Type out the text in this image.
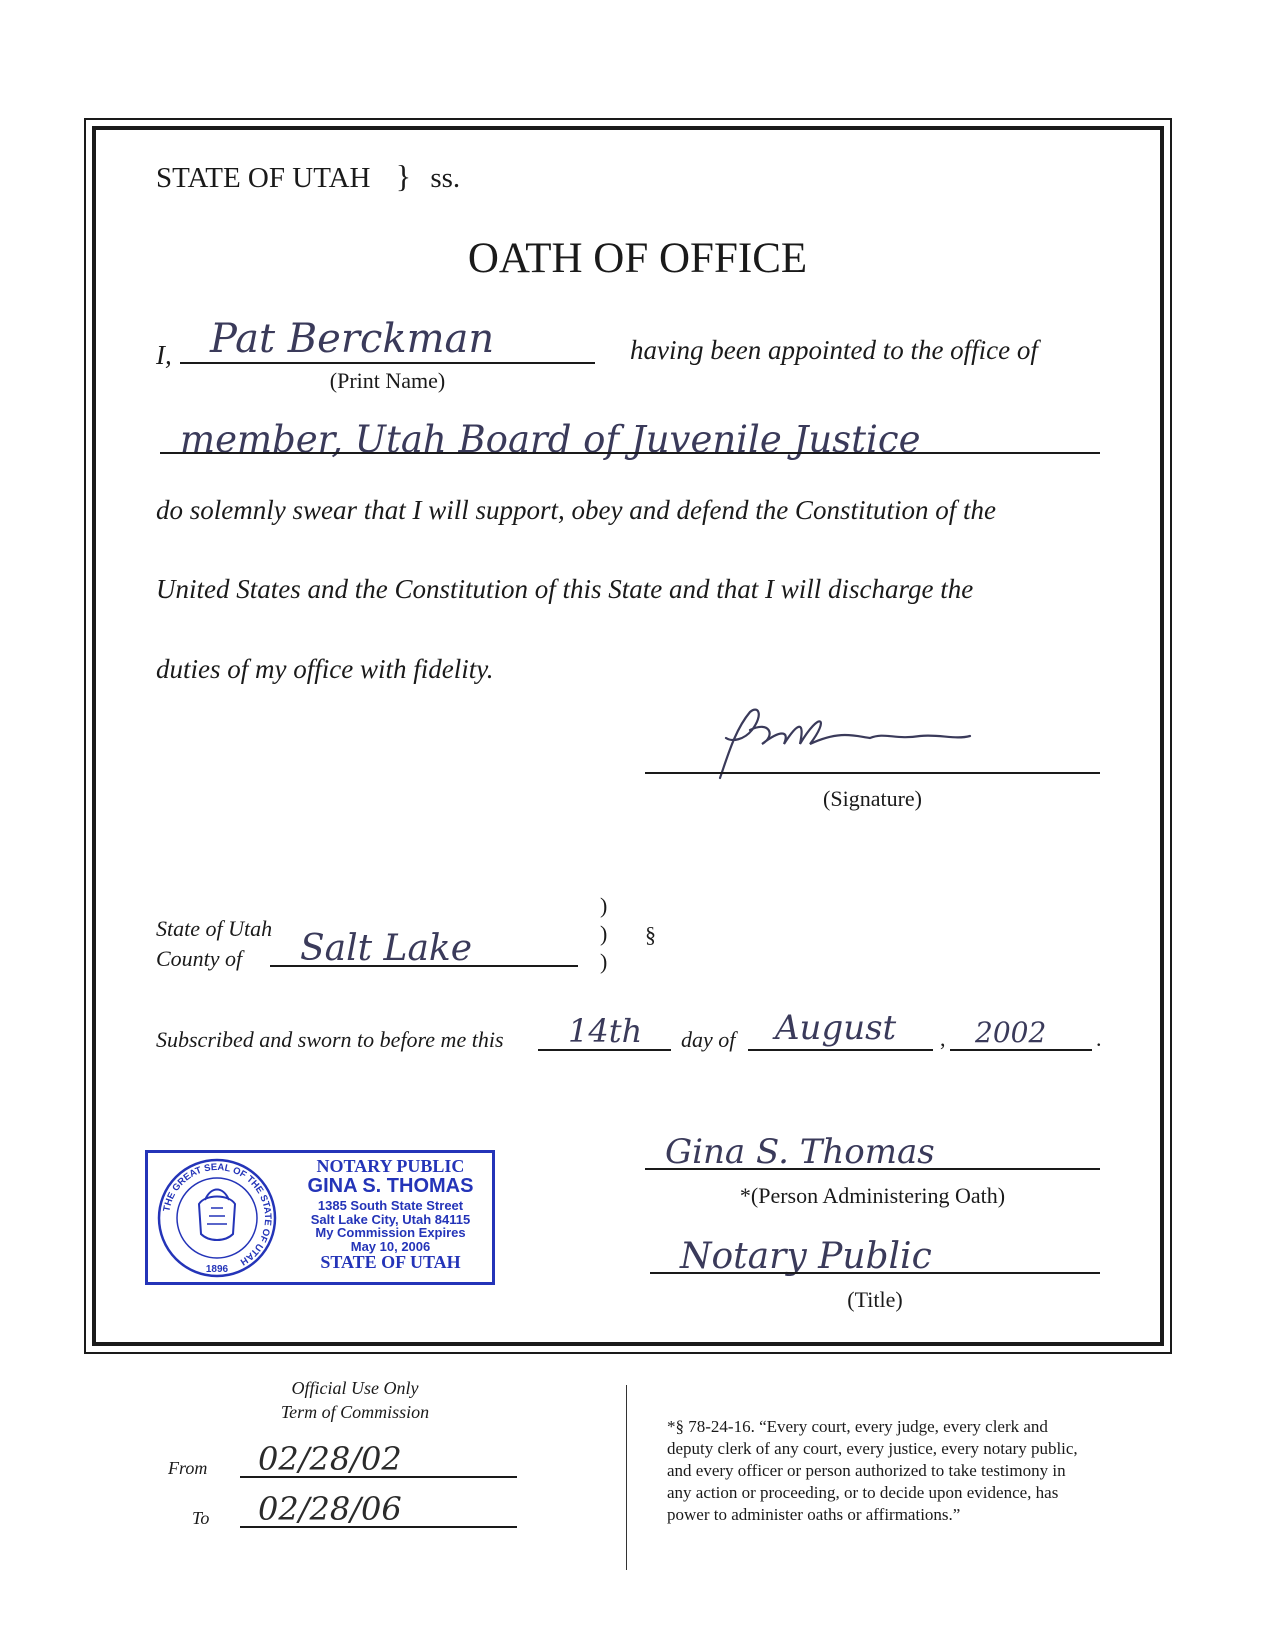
STATE OF UTAH } ss.
OATH OF OFFICE
I, Pat Berckman
(Print Name)
having been appointed to the office of
member, Utah Board of Juvenile Justice
do solemnly swear that I will support, obey and defend the Constitution of the
United States and the Constitution of this State and that I will discharge the
duties of my office with fidelity.
(Signature)
State of Utah
County of Salt Lake
)
)
)
§
Subscribed and sworn to before me this 14th day of August , 2002 .
THE GREAT SEAL OF THE STATE OF UTAH
1896
NOTARY PUBLIC
GINA S. THOMAS
1385 South State Street
Salt Lake City, Utah 84115
My Commission Expires
May 10, 2006
STATE OF UTAH
Gina S. Thomas
*(Person Administering Oath)
Notary Public
(Title)
Official Use Only
Term of Commission
From 02/28/02
To 02/28/06
*§ 78-24-16. “Every court, every judge, every clerk and
deputy clerk of any court, every justice, every notary public,
and every officer or person authorized to take testimony in
any action or proceeding, or to decide upon evidence, has
power to administer oaths or affirmations.”
